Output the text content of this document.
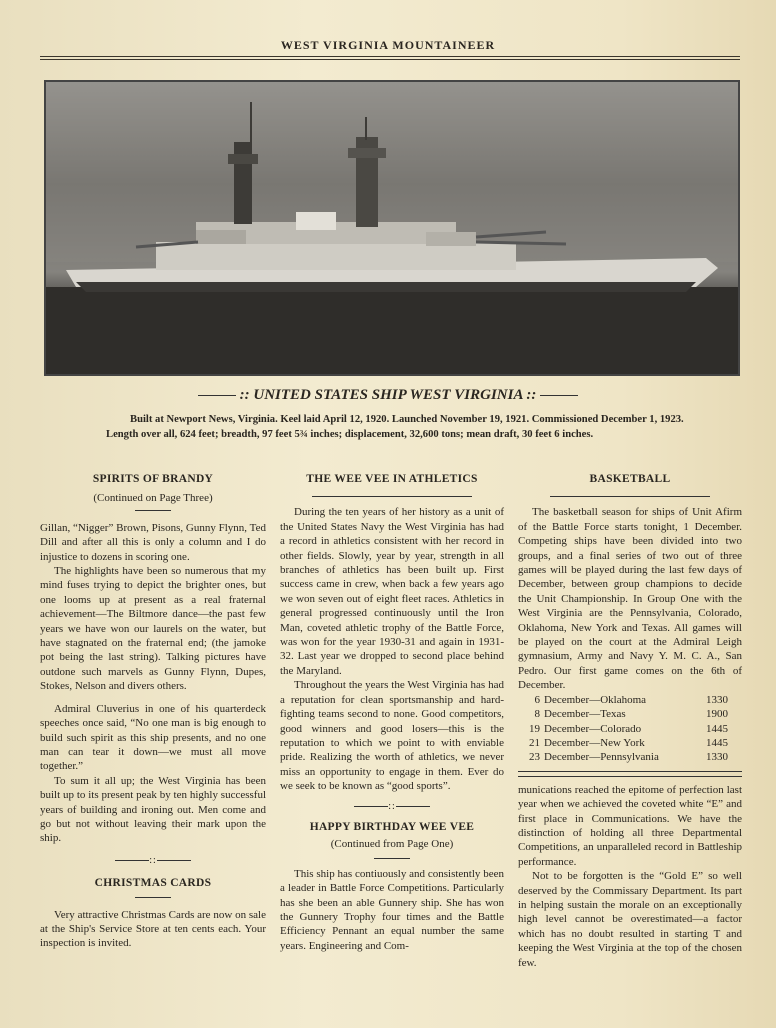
WEST VIRGINIA MOUNTAINEER
:: UNITED STATES SHIP WEST VIRGINIA ::
Built at Newport News, Virginia. Keel laid April 12, 1920. Launched November 19, 1921. Commissioned December 1, 1923. Length over all, 624 feet; breadth, 97 feet 5¾ inches; displacement, 32,600 tons; mean draft, 30 feet 6 inches.
SPIRITS OF BRANDY
(Continued on Page Three)

Gillan, “Nigger” Brown, Pisons, Gunny Flynn, Ted Dill and after all this is only a column and I do injustice to dozens in scoring one.

The highlights have been so numerous that my mind fuses trying to depict the brighter ones, but one looms up at present as a real fraternal achievement—The Biltmore dance—the past few years we have won our laurels on the water, but have stagnated on the fraternal end; (the jamoke pot being the last string). Talking pictures have outdone such marvels as Gunny Flynn, Dupes, Stokes, Nelson and divers others.

Admiral Cluverius in one of his quarterdeck speeches once said, “No one man is big enough to build such spirit as this ship presents, and no one man can tear it down—we must all move together.”

To sum it all up; the West Virginia has been built up to its present peak by ten highly successful years of building and ironing out. Men come and go but not without leaving their mark upon the ship.

::
CHRISTMAS CARDS

Very attractive Christmas Cards are now on sale at the Ship's Service Store at ten cents each. Your inspection is invited.

THE WEE VEE IN ATHLETICS

During the ten years of her history as a unit of the United States Navy the West Virginia has had a record in athletics consistent with her record in other fields. Slowly, year by year, strength in all branches of athletics has been built up. First success came in crew, when back a few years ago we won seven out of eight fleet races. Athletics in general progressed continuously until the Iron Man, coveted athletic trophy of the Battle Force, was won for the year 1930-31 and again in 1931-32. Last year we dropped to second place behind the Maryland.

Throughout the years the West Virginia has had a reputation for clean sportsmanship and hard-fighting teams second to none. Good competitors, good winners and good losers—this is the reputation to which we point to with enviable pride. Realizing the worth of athletics, we never miss an opportunity to engage in them. Ever do we seek to be known as “good sports”.

::
HAPPY BIRTHDAY WEE VEE
(Continued from Page One)

This ship has contiuously and consistently been a leader in Battle Force Competitions. Particularly has she been an able Gunnery ship. She has won the Gunnery Trophy four times and the Battle Efficiency Pennant an equal number the same years. Engineering and Com-

BASKETBALL

The basketball season for ships of Unit Afirm of the Battle Force starts tonight, 1 December. Competing ships have been divided into two groups, and a final series of two out of three games will be played during the last few days of December, between group champions to decide the Unit Championship. In Group One with the West Virginia are the Pennsylvania, Colorado, Oklahoma, New York and Texas. All games will be played on the court at the Admiral Leigh gymnasium, Army and Navy Y. M. C. A., San Pedro. Our first game comes on the 6th of December.

6	December—Oklahoma	1330
8	December—Texas	1900
19	December—Colorado	1445
21	December—New York	1445
23	December—Pennsylvania	1330

munications reached the epitome of perfection last year when we achieved the coveted white “E” and first place in Communications. We have the distinction of holding all three Departmental Competitions, an unparalleled record in Battleship performance.

Not to be forgotten is the “Gold E” so well deserved by the Commissary Department. Its part in helping sustain the morale on an exceptionally high level cannot be overestimated—a factor which has no doubt resulted in starting T and keeping the West Virginia at the top of the chosen few.
